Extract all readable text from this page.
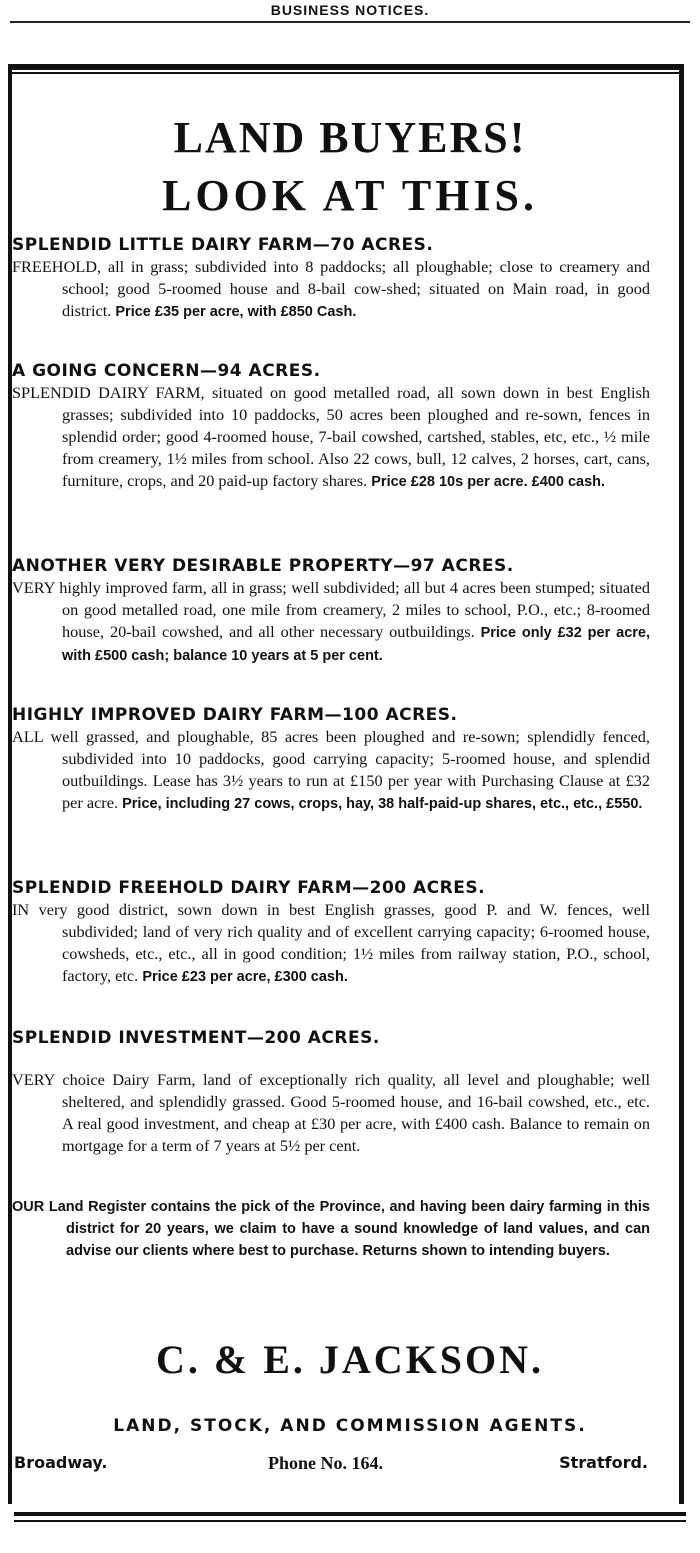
BUSINESS NOTICES.
LAND BUYERS!
LOOK AT THIS.
SPLENDID LITTLE DAIRY FARM—70 ACRES.
FREEHOLD, all in grass; subdivided into 8 paddocks; all ploughable; close to creamery and school; good 5-roomed house and 8-bail cow-shed; situated on Main road, in good district. Price £35 per acre, with £850 Cash.
A GOING CONCERN—94 ACRES.
SPLENDID DAIRY FARM, situated on good metalled road, all sown down in best English grasses; subdivided into 10 paddocks, 50 acres been ploughed and re-sown, fences in splendid order; good 4-roomed house, 7-bail cowshed, cartshed, stables, etc, etc., ½ mile from creamery, 1½ miles from school. Also 22 cows, bull, 12 calves, 2 horses, cart, cans, furniture, crops, and 20 paid-up factory shares. Price £28 10s per acre. £400 cash.
ANOTHER VERY DESIRABLE PROPERTY—97 ACRES.
VERY highly improved farm, all in grass; well subdivided; all but 4 acres been stumped; situated on good metalled road, one mile from creamery, 2 miles to school, P.O., etc.; 8-roomed house, 20-bail cowshed, and all other necessary outbuildings. Price only £32 per acre, with £500 cash; balance 10 years at 5 per cent.
HIGHLY IMPROVED DAIRY FARM—100 ACRES.
ALL well grassed, and ploughable, 85 acres been ploughed and re-sown; splendidly fenced, subdivided into 10 paddocks, good carrying capacity; 5-roomed house, and splendid outbuildings. Lease has 3½ years to run at £150 per year with Purchasing Clause at £32 per acre. Price, including 27 cows, crops, hay, 38 half-paid-up shares, etc., etc., £550.
SPLENDID FREEHOLD DAIRY FARM—200 ACRES.
IN very good district, sown down in best English grasses, good P. and W. fences, well subdivided; land of very rich quality and of excellent carrying capacity; 6-roomed house, cowsheds, etc., etc., all in good condition; 1½ miles from railway station, P.O., school, factory, etc. Price £23 per acre, £300 cash.
SPLENDID INVESTMENT—200 ACRES.
VERY choice Dairy Farm, land of exceptionally rich quality, all level and ploughable; well sheltered, and splendidly grassed. Good 5-roomed house, and 16-bail cowshed, etc., etc. A real good investment, and cheap at £30 per acre, with £400 cash. Balance to remain on mortgage for a term of 7 years at 5½ per cent.
OUR Land Register contains the pick of the Province, and having been dairy farming in this district for 20 years, we claim to have a sound knowledge of land values, and can advise our clients where best to purchase. Returns shown to intending buyers.
C. & E. JACKSON.
LAND, STOCK, AND COMMISSION AGENTS.
Broadway.	Phone No. 164.	Stratford.
